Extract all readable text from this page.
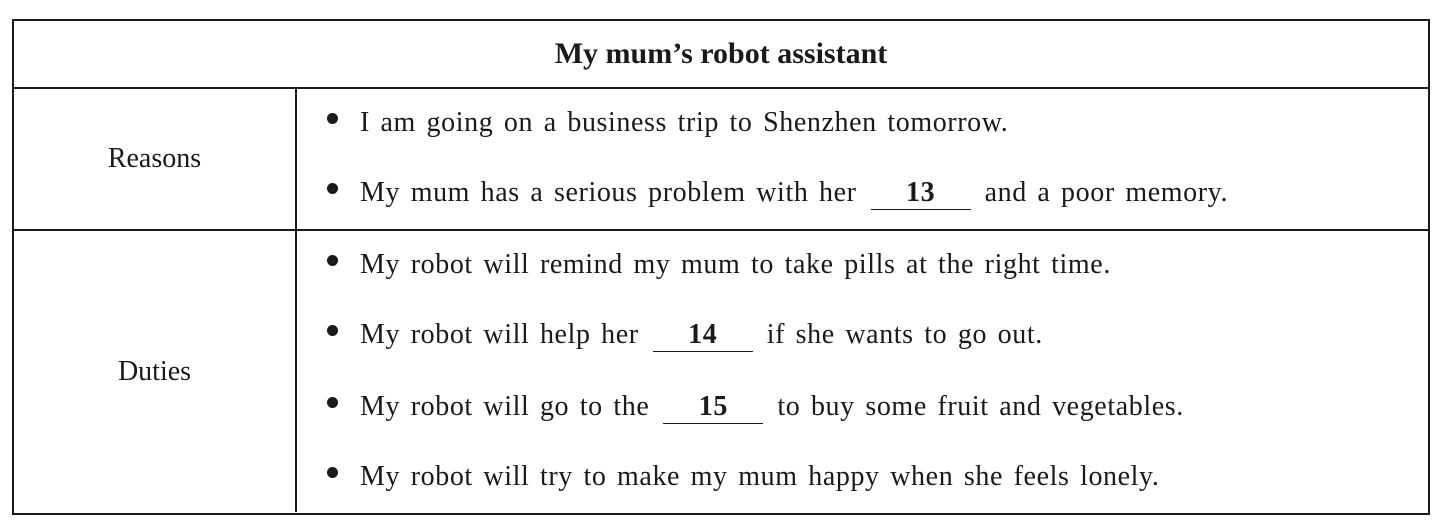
My mum’s robot assistant
Reasons
I am going on a business trip to Shenzhen tomorrow.
My mum has a serious problem with her	13	and a poor memory.
Duties
My robot will remind my mum to take pills at the right time.
My robot will help her	14	if she wants to go out.
My robot will go to the	15	to buy some fruit and vegetables.
My robot will try to make my mum happy when she feels lonely.
